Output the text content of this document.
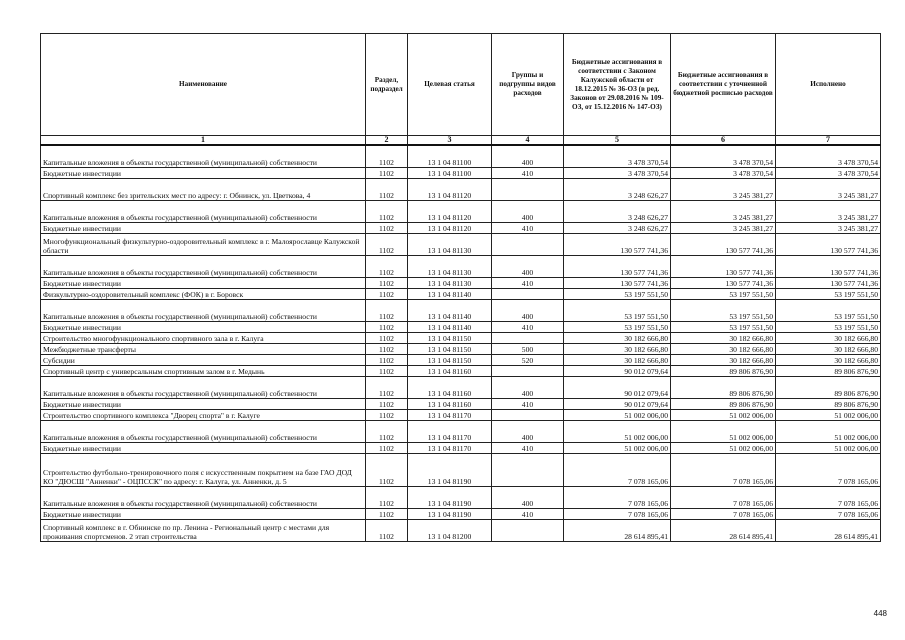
Наименование	Раздел, подраздел	Целевая статья	Группы и подгруппы видов расходов	Бюджетные ассигнования в соответствии с Законом Калужской области от 18.12.2015 № 36-ОЗ (в ред. Законов от 29.08.2016 № 109-ОЗ, от 15.12.2016 № 147-ОЗ)	Бюджетные ассигнования в соответствии с уточненной бюджетной росписью расходов	Исполнено
1	2	3	4	5	6	7
Капитальные вложения в объекты государственной (муниципальной) собственности	1102	13 1 04 81100	400	3 478 370,54	3 478 370,54	3 478 370,54
Бюджетные инвестиции	1102	13 1 04 81100	410	3 478 370,54	3 478 370,54	3 478 370,54
Спортивный комплекс без зрительских мест по адресу: г. Обнинск, ул. Цветкова, 4	1102	13 1 04 81120		3 248 626,27	3 245 381,27	3 245 381,27
Капитальные вложения в объекты государственной (муниципальной) собственности	1102	13 1 04 81120	400	3 248 626,27	3 245 381,27	3 245 381,27
Бюджетные инвестиции	1102	13 1 04 81120	410	3 248 626,27	3 245 381,27	3 245 381,27
Многофункциональный физкультурно-оздоровительный комплекс в г. Малоярославце Калужской области	1102	13 1 04 81130		130 577 741,36	130 577 741,36	130 577 741,36
Капитальные вложения в объекты государственной (муниципальной) собственности	1102	13 1 04 81130	400	130 577 741,36	130 577 741,36	130 577 741,36
Бюджетные инвестиции	1102	13 1 04 81130	410	130 577 741,36	130 577 741,36	130 577 741,36
Физкультурно-оздоровительный комплекс (ФОК) в г. Боровск	1102	13 1 04 81140		53 197 551,50	53 197 551,50	53 197 551,50
Капитальные вложения в объекты государственной (муниципальной) собственности	1102	13 1 04 81140	400	53 197 551,50	53 197 551,50	53 197 551,50
Бюджетные инвестиции	1102	13 1 04 81140	410	53 197 551,50	53 197 551,50	53 197 551,50
Строительство многофункционального спортивного зала в г. Калуга	1102	13 1 04 81150		30 182 666,80	30 182 666,80	30 182 666,80
Межбюджетные трансферты	1102	13 1 04 81150	500	30 182 666,80	30 182 666,80	30 182 666,80
Субсидии	1102	13 1 04 81150	520	30 182 666,80	30 182 666,80	30 182 666,80
Спортивный центр с универсальным спортивным залом в г. Медынь	1102	13 1 04 81160		90 012 079,64	89 806 876,90	89 806 876,90
Капитальные вложения в объекты государственной (муниципальной) собственности	1102	13 1 04 81160	400	90 012 079,64	89 806 876,90	89 806 876,90
Бюджетные инвестиции	1102	13 1 04 81160	410	90 012 079,64	89 806 876,90	89 806 876,90
Строительство спортивного комплекса "Дворец спорта" в г. Калуге	1102	13 1 04 81170		51 002 006,00	51 002 006,00	51 002 006,00
Капитальные вложения в объекты государственной (муниципальной) собственности	1102	13 1 04 81170	400	51 002 006,00	51 002 006,00	51 002 006,00
Бюджетные инвестиции	1102	13 1 04 81170	410	51 002 006,00	51 002 006,00	51 002 006,00
Строительство футбольно-тренировочного поля с искусственным покрытием на базе ГАО ДОД КО "ДЮСШ "Анненки" - ОЦПССК" по адресу: г. Калуга, ул. Анненки, д. 5	1102	13 1 04 81190		7 078 165,06	7 078 165,06	7 078 165,06
Капитальные вложения в объекты государственной (муниципальной) собственности	1102	13 1 04 81190	400	7 078 165,06	7 078 165,06	7 078 165,06
Бюджетные инвестиции	1102	13 1 04 81190	410	7 078 165,06	7 078 165,06	7 078 165,06
Спортивный комплекс в г. Обнинске по пр. Ленина - Региональный центр с местами для проживания спортсменов. 2 этап строительства	1102	13 1 04 81200		28 614 895,41	28 614 895,41	28 614 895,41
448
